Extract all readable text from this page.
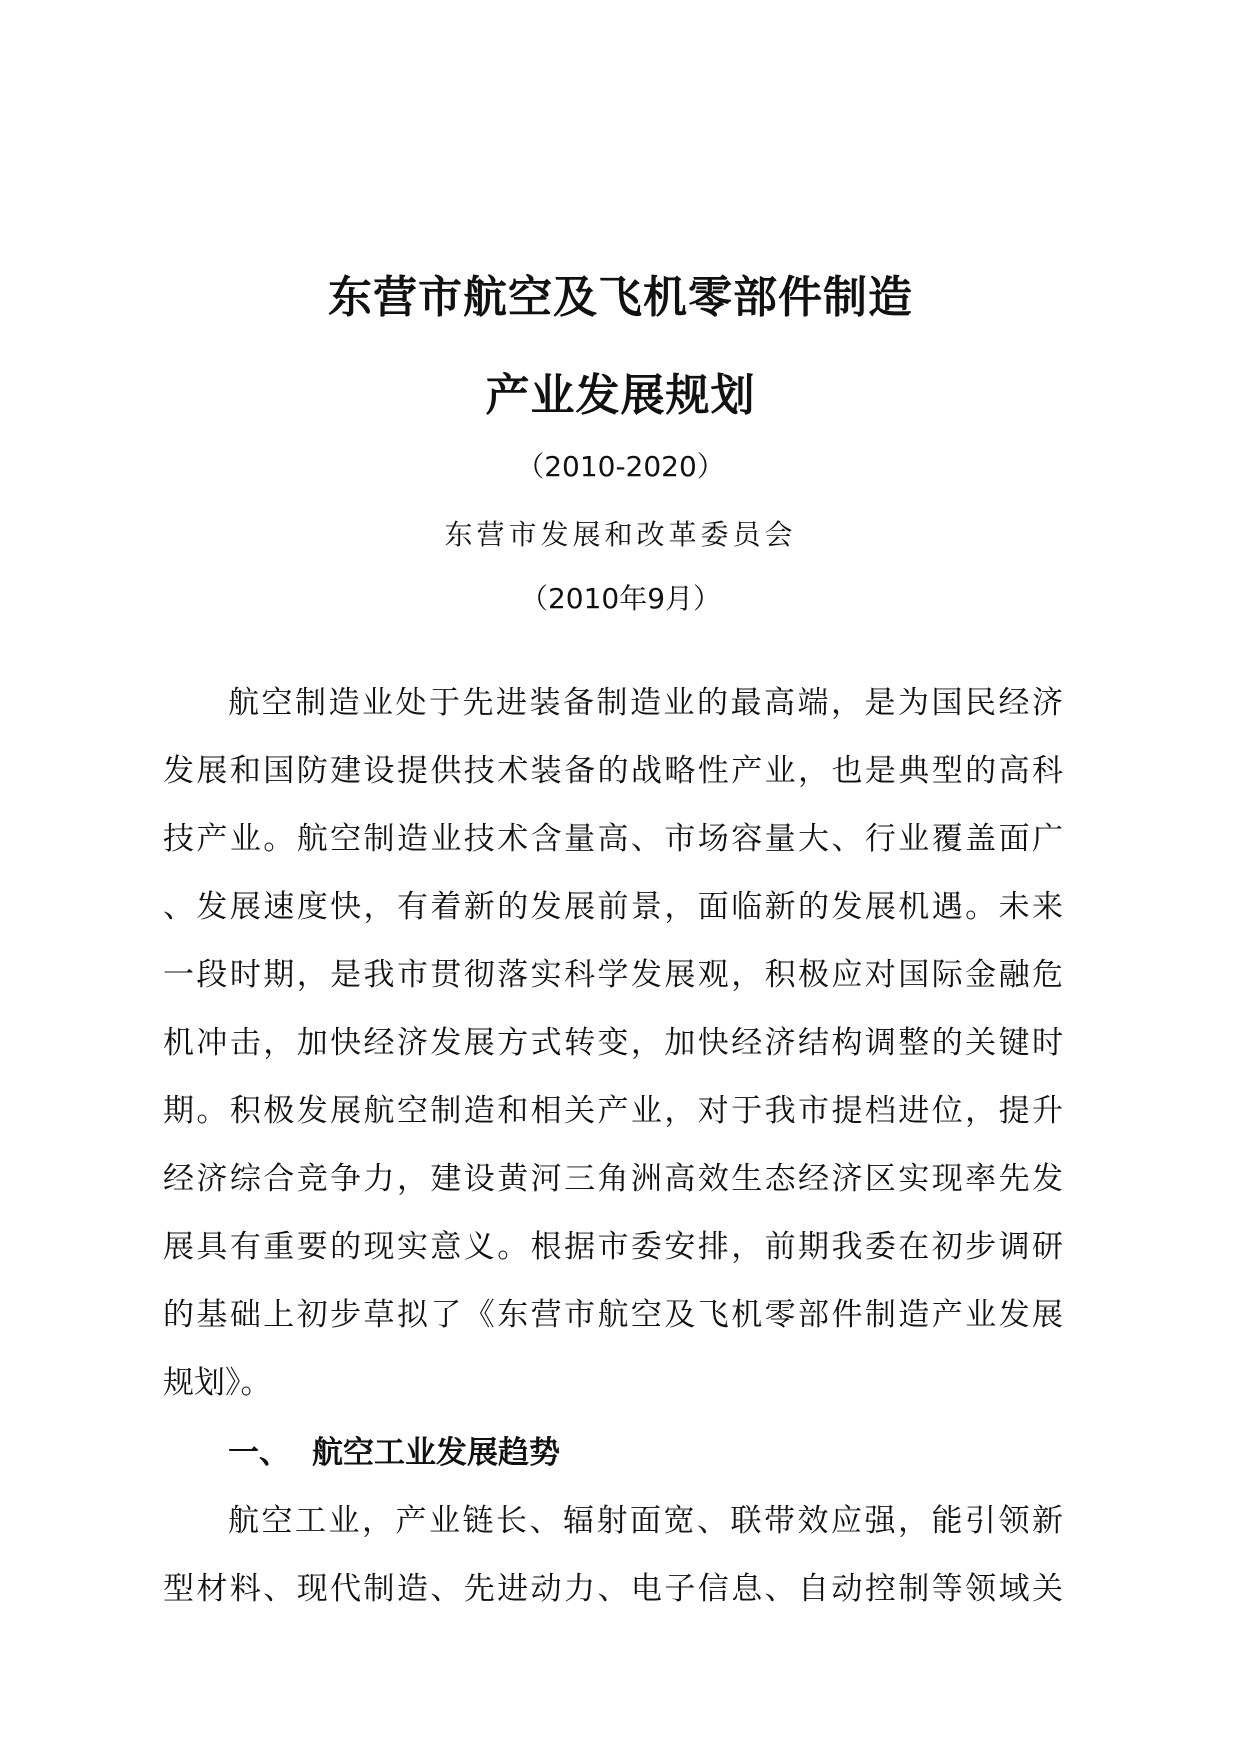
东营市航空及飞机零部件制造
产业发展规划
（2010-2020）
东营市发展和改革委员会
（2010年9月）
航空制造业处于先进装备制造业的最高端，是为国民经济
发展和国防建设提供技术装备的战略性产业，也是典型的高科
技产业。航空制造业技术含量高、市场容量大、行业覆盖面广
、发展速度快，有着新的发展前景，面临新的发展机遇。未来
一段时期，是我市贯彻落实科学发展观，积极应对国际金融危
机冲击，加快经济发展方式转变，加快经济结构调整的关键时
期。积极发展航空制造和相关产业，对于我市提档进位，提升
经济综合竞争力，建设黄河三角洲高效生态经济区实现率先发
展具有重要的现实意义。根据市委安排，前期我委在初步调研
的基础上初步草拟了《东营市航空及飞机零部件制造产业发展
规划》。
一、 航空工业发展趋势
航空工业，产业链长、辐射面宽、联带效应强，能引领新
型材料、现代制造、先进动力、电子信息、自动控制等领域关
